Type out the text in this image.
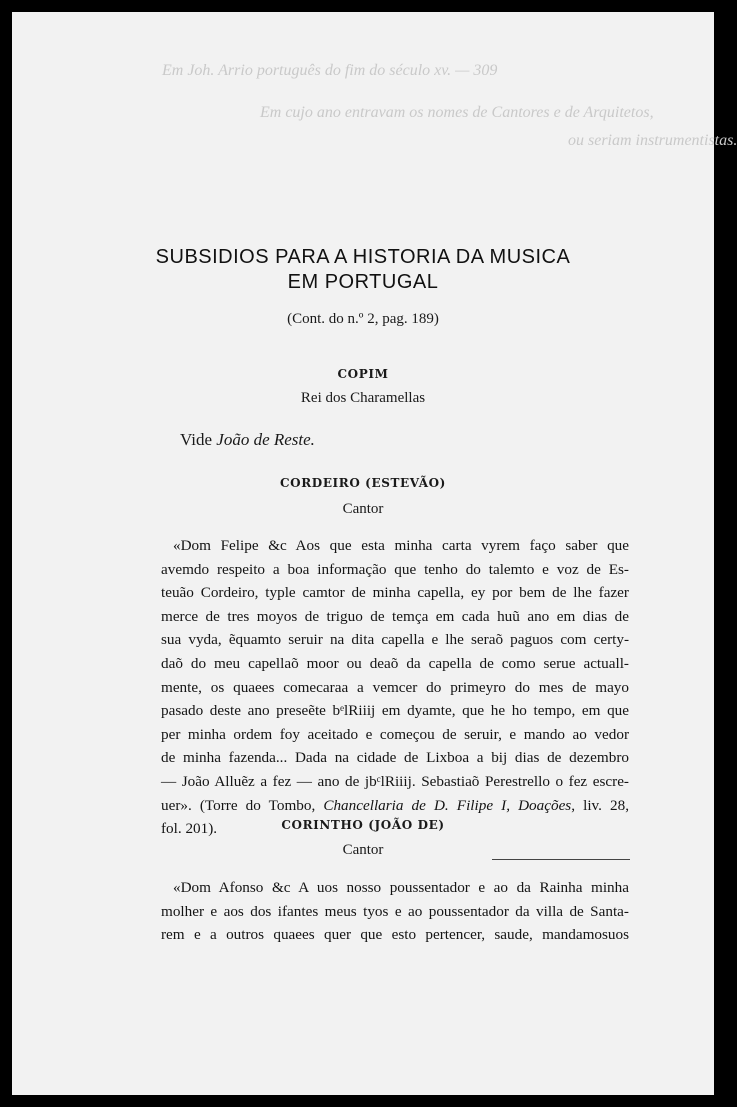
Em Joh. Arrio português do fim do século xv. — 309
Em cujo ano entravam os nomes de Cantores e de Arquitetos,
ou seriam instrumentistas.
SUBSIDIOS PARA A HISTORIA DA MUSICA
EM PORTUGAL
(Cont. do n.º 2, pag. 189)
COPIM
Rei dos Charamellas
Vide João de Reste.
CORDEIRO (ESTEVÃO)
Cantor
«Dom Felipe &c Aos que esta minha carta vyrem faço saber que
avemdo respeito a boa informação que tenho do talemto e voz de Es-
teuão Cordeiro, typle camtor de minha capella, ey por bem de lhe fazer
merce de tres moyos de triguo de temça em cada huũ ano em dias de
sua vyda, ẽquamto seruir na dita capella e lhe seraõ paguos com certy-
daõ do meu capellaõ moor ou deaõ da capella de como serue actuall-
mente, os quaees comecaraa a vemcer do primeyro do mes de mayo
pasado deste ano preseẽte bᵉlRiiij em dyamte, que he ho tempo, em que
per minha ordem foy aceitado e começou de seruir, e mando ao vedor
de minha fazenda... Dada na cidade de Lixboa a bij dias de dezembro
— João Alluẽz a fez — ano de jbᶜlRiiij. Sebastiaõ Perestrello o fez escre-
uer». (Torre do Tombo, Chancellaria de D. Filipe I, Doações, liv. 28,
fol. 201).	CORINTHO (JOÃO DE)
Cantor
«Dom Afonso &c A uos nosso poussentador e ao da Rainha minha
molher e aos dos ifantes meus tyos e ao poussentador da villa de Santa-
rem e a outros quaees quer que esto pertencer, saude, mandamosuos
